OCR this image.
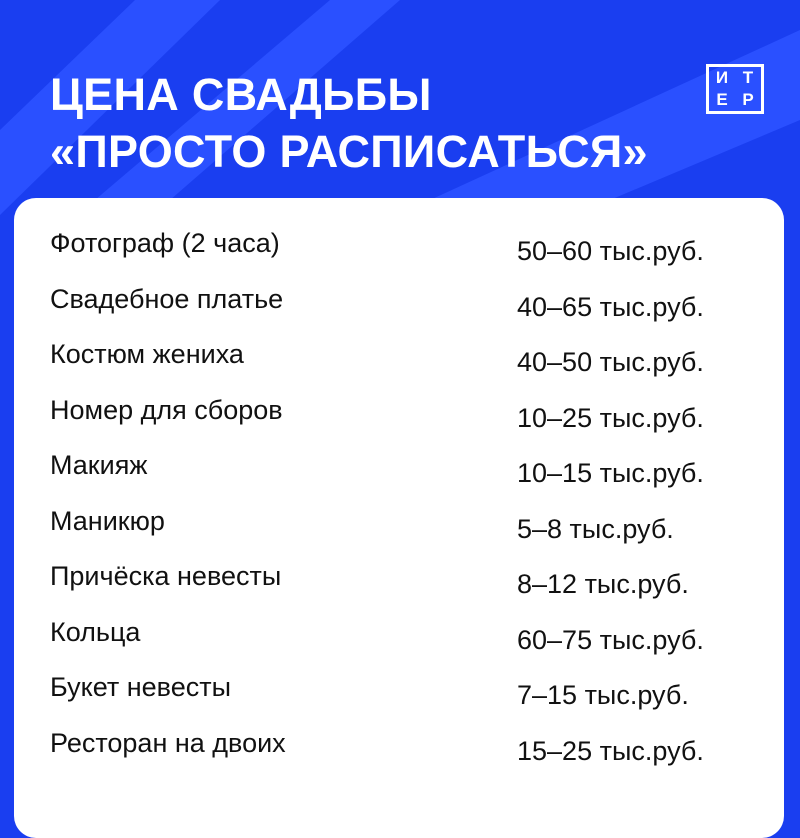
ЦЕНА СВАДЬБЫ
«ПРОСТО РАСПИСАТЬСЯ»
И Т
Е Р
Фотограф (2 часа)	50–60 тыс.руб.
Свадебное платье	40–65 тыс.руб.
Костюм жениха	40–50 тыс.руб.
Номер для сборов	10–25 тыс.руб.
Макияж	10–15 тыс.руб.
Маникюр	5–8 тыс.руб.
Причёска невесты	8–12 тыс.руб.
Кольца	60–75 тыс.руб.
Букет невесты	7–15 тыс.руб.
Ресторан на двоих	15–25 тыс.руб.
